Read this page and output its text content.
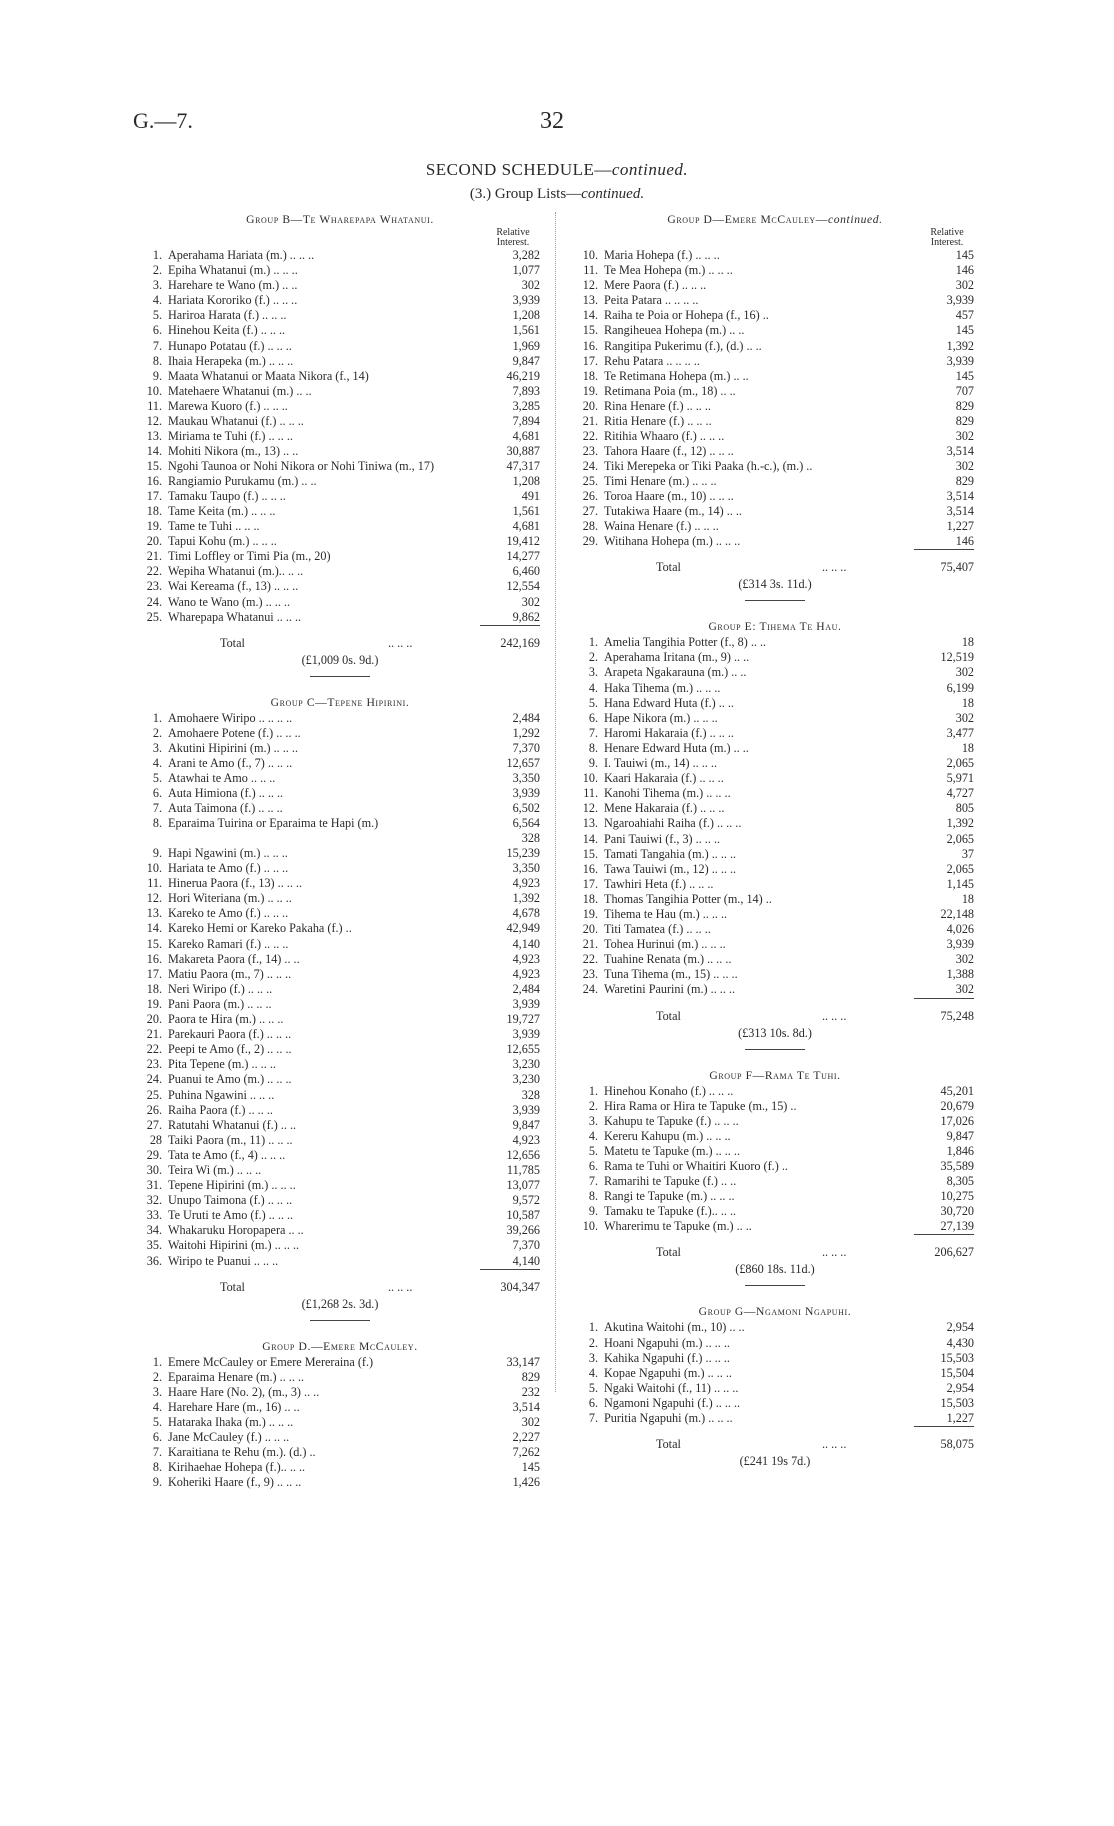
G.—7.	32
SECOND SCHEDULE—continued.
(3.) Group Lists—continued.
Group B—Te Wharepapa Whatanui.
Relative Interest.
1. Aperahama Hariata (m.) .. .. ..	3,282
2. Epiha Whatanui (m.) .. .. ..	1,077
3. Harehare te Wano (m.) .. ..	302
4. Hariata Kororiko (f.) .. .. ..	3,939
5. Harirоа Harata (f.) .. .. ..	1,208
6. Hinehou Keita (f.) .. .. ..	1,561
7. Hunapo Potatau (f.) .. .. ..	1,969
8. Ihaia Herapeka (m.) .. .. ..	9,847
9. Maata Whatanui or Maata Nikora (f., 14)	46,219
10. Matehaere Whatanui (m.) .. ..	7,893
11. Marewa Kuoro (f.) .. .. ..	3,285
12. Maukau Whatanui (f.) .. .. ..	7,894
13. Miriama te Tuhi (f.) .. .. ..	4,681
14. Mohiti Nikora (m., 13) .. ..	30,887
15. Ngohi Taunoa or Nohi Nikora or Nohi Tiniwa (m., 17)	47,317
16. Rangiamio Purukamu (m.) .. ..	1,208
17. Tamaku Taupo (f.) .. .. ..	491
18. Tame Keita (m.) .. .. ..	1,561
19. Tame te Tuhi .. .. ..	4,681
20. Tapui Kohu (m.) .. .. ..	19,412
21. Timi Loffley or Timi Pia (m., 20)	14,277
22. Wepiha Whatanui (m.).. .. ..	6,460
23. Wai Kereama (f., 13) .. .. ..	12,554
24. Wano te Wano (m.) .. .. ..	302
25. Wharepapa Whatanui .. .. ..	9,862
Total	.. .. ..	242,169
(£1,009 0s. 9d.)
Group C—Tepene Hipirini.
1. Amohaere Wiripo .. .. .. ..	2,484
2. Amohaere Potene (f.) .. .. ..	1,292
3. Akutini Hipirini (m.) .. .. ..	7,370
4. Arani te Amo (f., 7) .. .. ..	12,657
5. Atawhai te Amo .. .. ..	3,350
6. Auta Himiona (f.) .. .. ..	3,939
7. Auta Taimona (f.) .. .. ..	6,502
8. Eparaima Tuirina or Eparaima te Hapi (m.)	6,564
328
9. Hapi Ngawini (m.) .. .. ..	15,239
10. Hariata te Amo (f.) .. .. ..	3,350
11. Hineruа Paora (f., 13) .. .. ..	4,923
12. Hori Witeriana (m.) .. .. ..	1,392
13. Kareko te Amo (f.) .. .. ..	4,678
14. Kareko Hemi or Kareko Pakaha (f.) ..	42,949
15. Kareko Ramari (f.) .. .. ..	4,140
16. Makareta Paora (f., 14) .. ..	4,923
17. Matiu Paora (m., 7) .. .. ..	4,923
18. Neri Wiripo (f.) .. .. ..	2,484
19. Pani Paora (m.) .. .. ..	3,939
20. Paora te Hira (m.) .. .. ..	19,727
21. Parekauri Paora (f.) .. .. ..	3,939
22. Peepi te Amo (f., 2) .. .. ..	12,655
23. Pita Tepene (m.) .. .. ..	3,230
24. Puanui te Amo (m.) .. .. ..	3,230
25. Puhina Ngawini .. .. ..	328
26. Raiha Paora (f.) .. .. ..	3,939
27. Ratutahi Whatanui (f.) .. ..	9,847
28 Taiki Paora (m., 11) .. .. ..	4,923
29. Tata te Amo (f., 4) .. .. ..	12,656
30. Teira Wi (m.) .. .. ..	11,785
31. Tepene Hipirini (m.) .. .. ..	13,077
32. Unupo Taimona (f.) .. .. ..	9,572
33. Te Uruti te Amo (f.) .. .. ..	10,587
34. Whakaruku Horopapera .. ..	39,266
35. Waitohi Hipirini (m.) .. .. ..	7,370
36. Wiripo te Puanui .. .. ..	4,140
Total	.. .. ..	304,347
(£1,268 2s. 3d.)
Group D.—Emere McCauley.
1. Emere McCauley or Emere Mereraina (f.)	33,147
2. Eparaima Henare (m.) .. .. ..	829
3. Haare Hare (No. 2), (m., 3) .. ..	232
4. Harehare Hare (m., 16) .. ..	3,514
5. Hataraka Ihaka (m.) .. .. ..	302
6. Jane McCauley (f.) .. .. ..	2,227
7. Karaitiana te Rehu (m.). (d.) ..	7,262
8. Kirihaehae Hohepa (f.).. .. ..	145
9. Koheriki Haare (f., 9) .. .. ..	1,426
Group D—Emere McCauley—continued.
Relative Interest.
10. Maria Hohepa (f.) .. .. ..	145
11. Te Mea Hohepa (m.) .. .. ..	146
12. Mere Paora (f.) .. .. ..	302
13. Peita Patara .. .. .. ..	3,939
14. Raiha te Poia or Hohepa (f., 16) ..	457
15. Rangiheuea Hohepa (m.) .. ..	145
16. Rangitipa Pukerimu (f.), (d.) .. ..	1,392
17. Rehu Patara .. .. .. ..	3,939
18. Te Retimana Hohepa (m.) .. ..	145
19. Retimana Poia (m., 18) .. ..	707
20. Rina Henare (f.) .. .. ..	829
21. Ritia Henare (f.) .. .. ..	829
22. Ritihia Whaaro (f.) .. .. ..	302
23. Tahora Haare (f., 12) .. .. ..	3,514
24. Tiki Merepeka or Tiki Paaka (h.-c.), (m.) ..	302
25. Timi Henare (m.) .. .. ..	829
26. Toroa Haare (m., 10) .. .. ..	3,514
27. Tutakiwa Haare (m., 14) .. ..	3,514
28. Waina Henare (f.) .. .. ..	1,227
29. Witihana Hohepa (m.) .. .. ..	146
Total	.. .. ..	75,407
(£314 3s. 11d.)
Group E: Tihema Te Hau.
1. Amelia Tangihia Potter (f., 8) .. ..	18
2. Aperahama Iritana (m., 9) .. ..	12,519
3. Arapeta Ngakarauna (m.) .. ..	302
4. Haka Tihema (m.) .. .. ..	6,199
5. Hana Edward Huta (f.) .. ..	18
6. Hape Nikora (m.) .. .. ..	302
7. Haromi Hakaraia (f.) .. .. ..	3,477
8. Henare Edward Huta (m.) .. ..	18
9. I. Tauiwi (m., 14) .. .. ..	2,065
10. Kaari Hakaraia (f.) .. .. ..	5,971
11. Kanohi Tihema (m.) .. .. ..	4,727
12. Mene Hakaraia (f.) .. .. ..	805
13. Ngaroahiahi Raiha (f.) .. .. ..	1,392
14. Pani Tauiwi (f., 3) .. .. ..	2,065
15. Tamati Tangahia (m.) .. .. ..	37
16. Tawa Tauiwi (m., 12) .. .. ..	2,065
17. Tawhiri Heta (f.) .. .. ..	1,145
18. Thomas Tangihia Potter (m., 14) ..	18
19. Tihema te Hau (m.) .. .. ..	22,148
20. Titi Tamatea (f.) .. .. ..	4,026
21. Tohea Hurinui (m.) .. .. ..	3,939
22. Tuahine Renata (m.) .. .. ..	302
23. Tuna Tihema (m., 15) .. .. ..	1,388
24. Waretini Paurini (m.) .. .. ..	302
Total	.. .. ..	75,248
(£313 10s. 8d.)
Group F—Rama Te Tuhi.
1. Hinehou Konaho (f.) .. .. ..	45,201
2. Hira Rama or Hira te Tapuke (m., 15) ..	20,679
3. Kahupu te Tapuke (f.) .. .. ..	17,026
4. Kereru Kahupu (m.) .. .. ..	9,847
5. Matetu te Tapuke (m.) .. .. ..	1,846
6. Rama te Tuhi or Whaitiri Kuoro (f.) ..	35,589
7. Ramarihi te Tapuke (f.) .. ..	8,305
8. Rangi te Tapuke (m.) .. .. ..	10,275
9. Tamaku te Tapuke (f.).. .. ..	30,720
10. Wharerimu te Tapuke (m.) .. ..	27,139
Total	.. .. ..	206,627
(£860 18s. 11d.)
Group G—Ngamoni Ngapuhi.
1. Akutina Waitohi (m., 10) .. ..	2,954
2. Hoani Ngapuhi (m.) .. .. ..	4,430
3. Kahika Ngapuhi (f.) .. .. ..	15,503
4. Kopae Ngapuhi (m.) .. .. ..	15,504
5. Ngaki Waitohi (f., 11) .. .. ..	2,954
6. Ngamoni Ngapuhi (f.) .. .. ..	15,503
7. Puritia Ngapuhi (m.) .. .. ..	1,227
Total	.. .. ..	58,075
(£241 19s 7d.)
